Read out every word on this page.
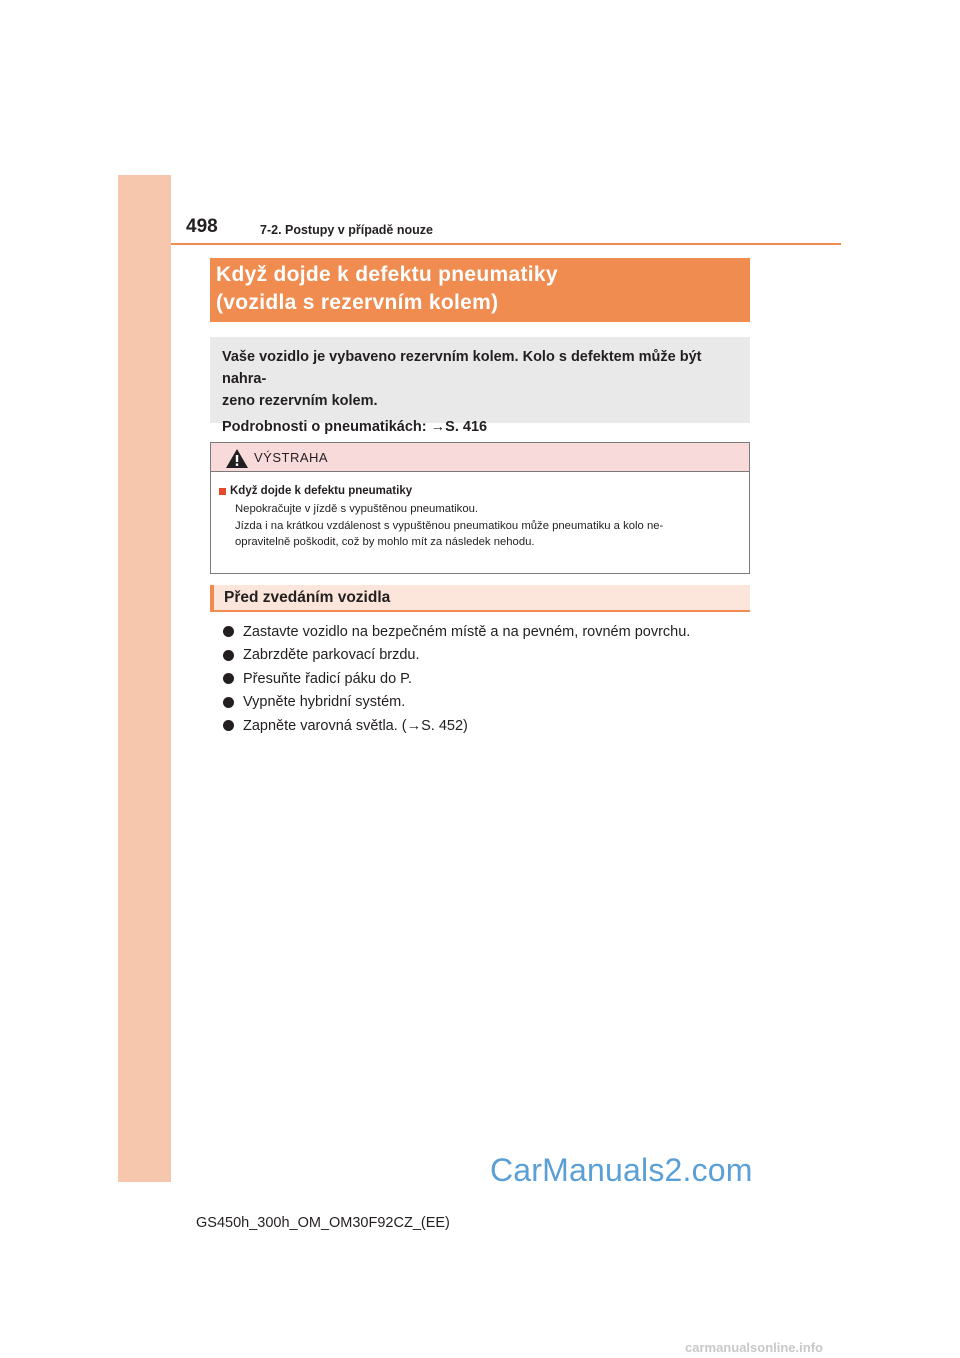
498	7-2. Postupy v případě nouze
Když dojde k defektu pneumatiky
(vozidla s rezervním kolem)
Vaše vozidlo je vybaveno rezervním kolem. Kolo s defektem může být nahra-
zeno rezervním kolem.
Podrobnosti o pneumatikách: →S. 416
VÝSTRAHA
Když dojde k defektu pneumatiky
Nepokračujte v jízdě s vypuštěnou pneumatikou.
Jízda i na krátkou vzdálenost s vypuštěnou pneumatikou může pneumatiku a kolo ne-
opravitelně poškodit, což by mohlo mít za následek nehodu.
Před zvedáním vozidla
Zastavte vozidlo na bezpečném místě a na pevném, rovném povrchu.
Zabrzděte parkovací brzdu.
Přesuňte řadicí páku do P.
Vypněte hybridní systém.
Zapněte varovná světla. (→S. 452)
CarManuals2.com
GS450h_300h_OM_OM30F92CZ_(EE)
carmanualsonline.info
